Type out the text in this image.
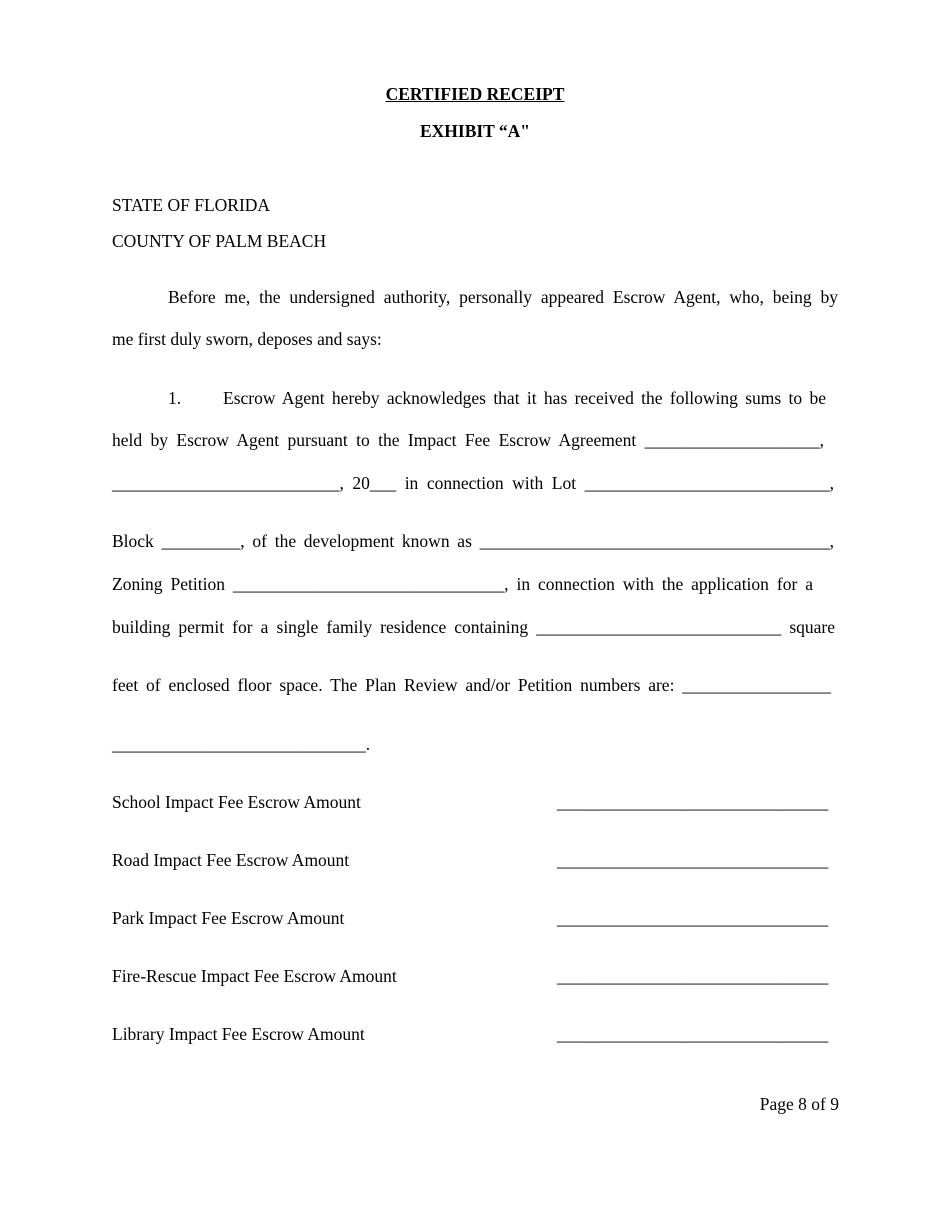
CERTIFIED RECEIPT
EXHIBIT “A"
STATE OF FLORIDA
COUNTY OF PALM BEACH
Before me, the undersigned authority, personally appeared Escrow Agent, who, being by
me first duly sworn, deposes and says:
1. Escrow Agent hereby acknowledges that it has received the following sums to be
held by Escrow Agent pursuant to the Impact Fee Escrow Agreement ____________________,
__________________________, 20___ in connection with Lot ____________________________,
Block _________, of the development known as ________________________________________,
Zoning Petition _______________________________, in connection with the application for a
building permit for a single family residence containing ____________________________ square
feet of enclosed floor space. The Plan Review and/or Petition numbers are: _________________
_____________________________.
School Impact Fee Escrow Amount	_______________________________
Road Impact Fee Escrow Amount	_______________________________
Park Impact Fee Escrow Amount	_______________________________
Fire-Rescue Impact Fee Escrow Amount	_______________________________
Library Impact Fee Escrow Amount	_______________________________
Page 8 of 9
